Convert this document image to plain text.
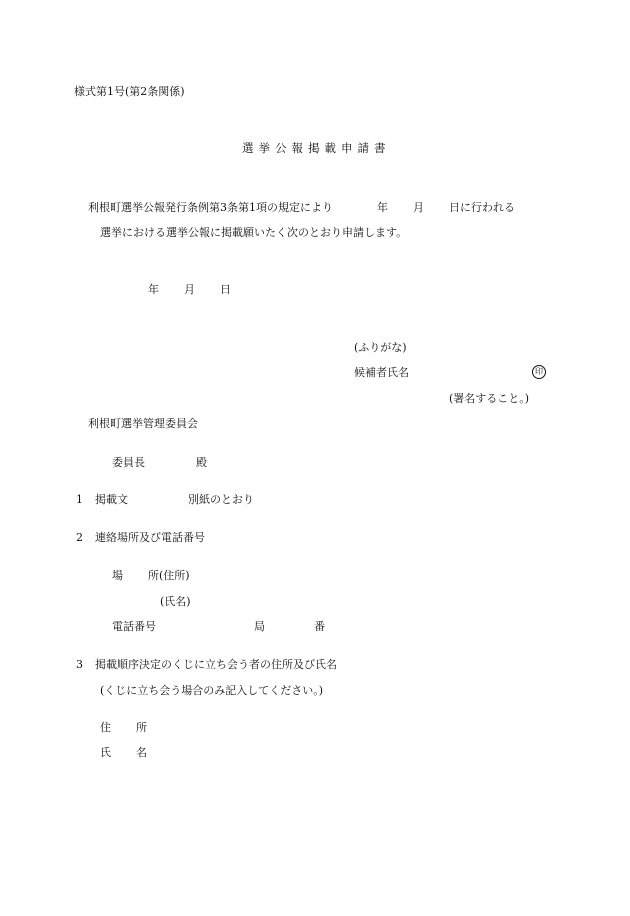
様式第1号(第2条関係)
選挙公報掲載申請書
利根町選挙公報発行条例第3条第1項の規定により	年 月 日に行われる
選挙における選挙公報に掲載願いたく次のとおり申請します。
年 月 日
(ふりがな)
候補者氏名	印
(署名すること。)
利根町選挙管理委員会
委員長	殿
1 掲載文	別紙のとおり
2 連絡場所及び電話番号
場 所(住所)
(氏名)
電話番号	局	番
3 掲載順序決定のくじに立ち会う者の住所及び氏名
(くじに立ち会う場合のみ記入してください。)
住 所
氏 名
